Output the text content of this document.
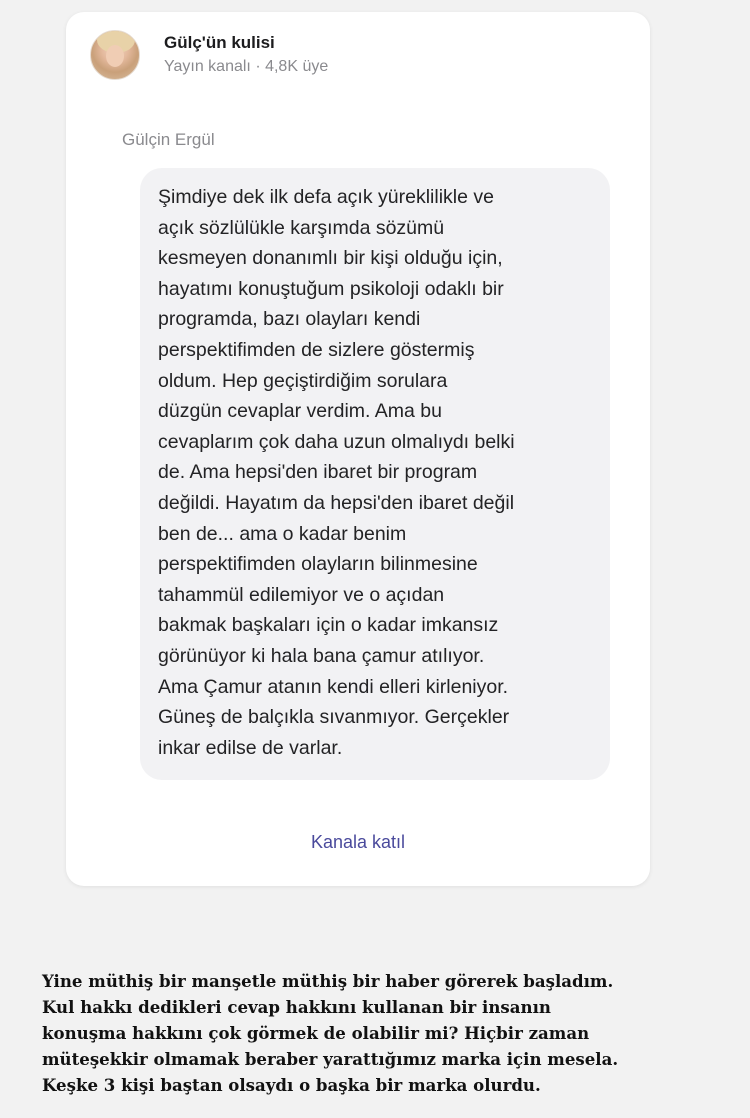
Gülç'ün kulisi
Yayın kanalı · 4,8K üye
Gülçin Ergül
Şimdiye dek ilk defa açık yüreklilikle ve
açık sözlülükle karşımda sözümü
kesmeyen donanımlı bir kişi olduğu için,
hayatımı konuştuğum psikoloji odaklı bir
programda, bazı olayları kendi
perspektifimden de sizlere göstermiş
oldum. Hep geçiştirdiğim sorulara
düzgün cevaplar verdim. Ama bu
cevaplarım çok daha uzun olmalıydı belki
de. Ama hepsi'den ibaret bir program
değildi. Hayatım da hepsi'den ibaret değil
ben de... ama o kadar benim
perspektifimden olayların bilinmesine
tahammül edilemiyor ve o açıdan
bakmak başkaları için o kadar imkansız
görünüyor ki hala bana çamur atılıyor.
Ama Çamur atanın kendi elleri kirleniyor.
Güneş de balçıkla sıvanmıyor. Gerçekler
inkar edilse de varlar.
Kanala katıl
Yine müthiş bir manşetle müthiş bir haber görerek başladım.
Kul hakkı dedikleri cevap hakkını kullanan bir insanın
konuşma hakkını çok görmek de olabilir mi? Hiçbir zaman
müteşekkir olmamak beraber yarattığımız marka için mesela.
Keşke 3 kişi baştan olsaydı o başka bir marka olurdu.
